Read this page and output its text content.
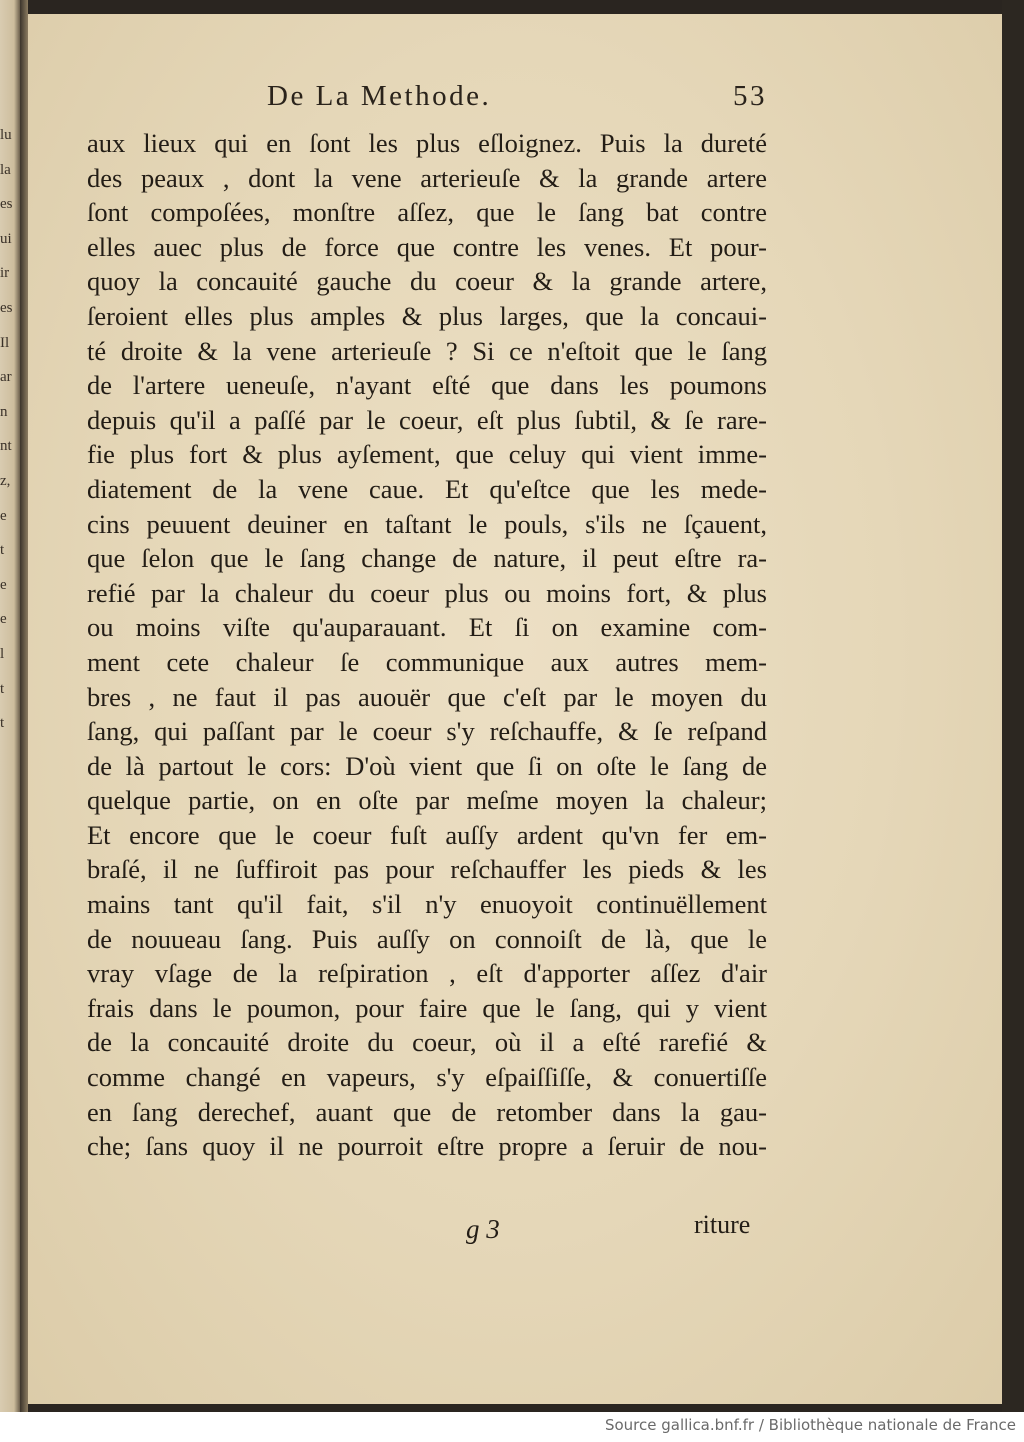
lu
la
es
ui
ir
es
Il
ar
n
nt
z,
e
t
e
e
l
t
t
De La Methode.	53
aux lieux qui en ſont les plus eſloignez. Puis la dureté
des peaux , dont la vene arterieuſe & la grande artere
ſont compoſées, monſtre aſſez, que le ſang bat contre
elles auec plus de force que contre les venes. Et pour-
quoy la concauité gauche du coeur & la grande artere,
ſeroient elles plus amples & plus larges, que la concaui-
té droite & la vene arterieuſe ? Si ce n'eſtoit que le ſang
de l'artere ueneuſe, n'ayant eſté que dans les poumons
depuis qu'il a paſſé par le coeur, eſt plus ſubtil, & ſe rare-
fie plus fort & plus ayſement, que celuy qui vient imme-
diatement de la vene caue. Et qu'eſtce que les mede-
cins peuuent deuiner en taſtant le pouls, s'ils ne ſçauent,
que ſelon que le ſang change de nature, il peut eſtre ra-
refié par la chaleur du coeur plus ou moins fort, & plus
ou moins viſte qu'auparauant. Et ſi on examine com-
ment cete chaleur ſe communique aux autres mem-
bres , ne faut il pas auouër que c'eſt par le moyen du
ſang, qui paſſant par le coeur s'y reſchauffe, & ſe reſpand
de là partout le cors: D'où vient que ſi on oſte le ſang de
quelque partie, on en oſte par meſme moyen la chaleur;
Et encore que le coeur fuſt auſſy ardent qu'vn fer em-
braſé, il ne ſuffiroit pas pour reſchauffer les pieds & les
mains tant qu'il fait, s'il n'y enuoyoit continuëllement
de nouueau ſang. Puis auſſy on connoiſt de là, que le
vray vſage de la reſpiration , eſt d'apporter aſſez d'air
frais dans le poumon, pour faire que le ſang, qui y vient
de la concauité droite du coeur, où il a eſté rarefié &
comme changé en vapeurs, s'y eſpaiſſiſſe, & conuertiſſe
en ſang derechef, auant que de retomber dans la gau-
che; ſans quoy il ne pourroit eſtre propre a ſeruir de nou-
g 3	riture
Source gallica.bnf.fr / Bibliothèque nationale de France
